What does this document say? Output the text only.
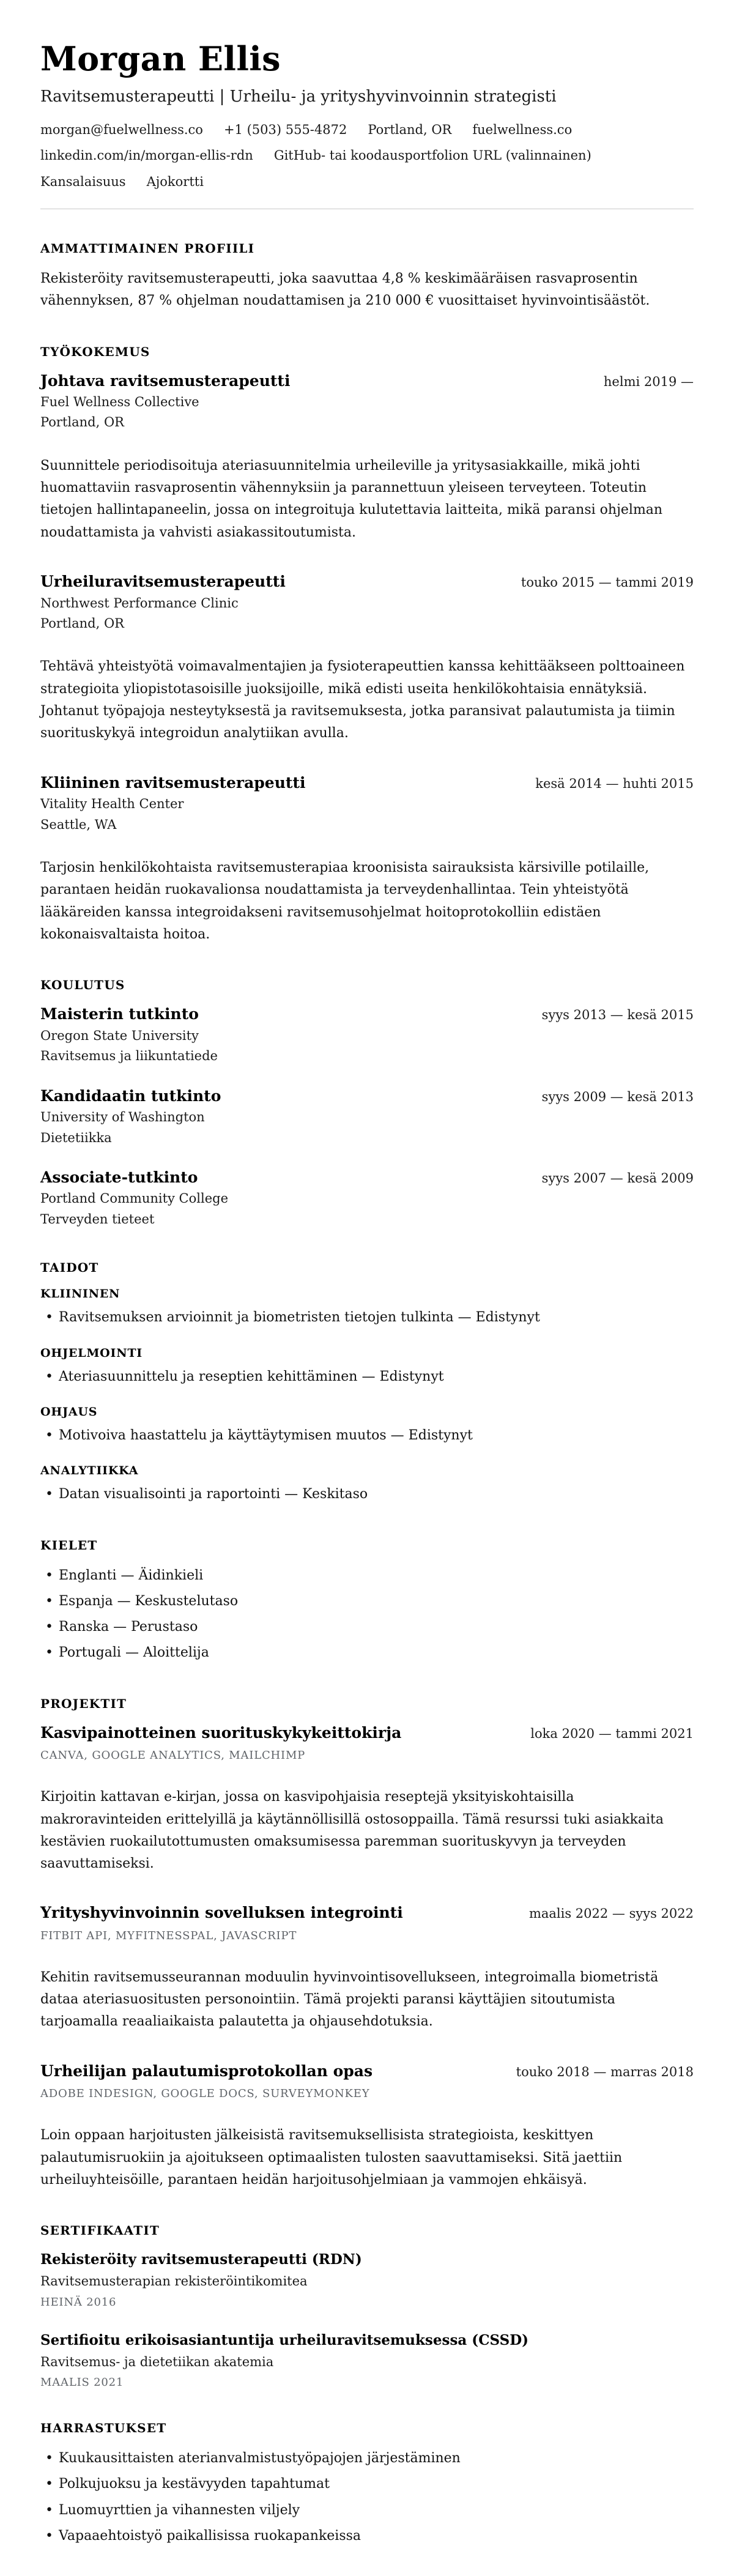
Morgan Ellis

Ravitsemusterapeutti | Urheilu- ja yrityshyvinvoinnin strategisti

morgan@fuelwellness.co +1 (503) 555-4872 Portland, OR fuelwellness.co
linkedin.com/in/morgan-ellis-rdn GitHub- tai koodausportfolion URL (valinnainen)
Kansalaisuus Ajokortti
AMMATTIMAINEN PROFIILI

Rekisteröity ravitsemusterapeutti, joka saavuttaa 4,8 % keskimääräisen rasvaprosentin vähennyksen, 87 % ohjelman noudattamisen ja 210 000 € vuosittaiset hyvinvointisäästöt.

TYÖKOKEMUS
Johtava ravitsemusterapeutti	helmi 2019 —
Fuel Wellness Collective
Portland, OR

Suunnittele periodisoituja ateriasuunnitelmia urheileville ja yritysasiakkaille, mikä johti huomattaviin rasvaprosentin vähennyksiin ja parannettuun yleiseen terveyteen. Toteutin tietojen hallintapaneelin, jossa on integroituja kulutettavia laitteita, mikä paransi ohjelman noudattamista ja vahvisti asiakassitoutumista.

Urheiluravitsemusterapeutti	touko 2015 — tammi 2019
Northwest Performance Clinic
Portland, OR

Tehtävä yhteistyötä voimavalmentajien ja fysioterapeuttien kanssa kehittääkseen polttoaineen strategioita yliopistotasoisille juoksijoille, mikä edisti useita henkilökohtaisia ennätyksiä. Johtanut työpajoja nesteytyksestä ja ravitsemuksesta, jotka paransivat palautumista ja tiimin suorituskykyä integroidun analytiikan avulla.

Kliininen ravitsemusterapeutti	kesä 2014 — huhti 2015
Vitality Health Center
Seattle, WA

Tarjosin henkilökohtaista ravitsemusterapiaa kroonisista sairauksista kärsiville potilaille, parantaen heidän ruokavalionsa noudattamista ja terveydenhallintaa. Tein yhteistyötä lääkäreiden kanssa integroidakseni ravitsemusohjelmat hoitoprotokolliin edistäen kokonaisvaltaista hoitoa.

KOULUTUS
Maisterin tutkinto	syys 2013 — kesä 2015
Oregon State University
Ravitsemus ja liikuntatiede
Kandidaatin tutkinto	syys 2009 — kesä 2013
University of Washington
Dietetiikka
Associate-tutkinto	syys 2007 — kesä 2009
Portland Community College
Terveyden tieteet
TAIDOT
KLIININEN
• Ravitsemuksen arvioinnit ja biometristen tietojen tulkinta — Edistynyt
OHJELMOINTI
• Ateriasuunnittelu ja reseptien kehittäminen — Edistynyt
OHJAUS
• Motivoiva haastattelu ja käyttäytymisen muutos — Edistynyt
ANALYTIIKKA
• Datan visualisointi ja raportointi — Keskitaso
KIELET
• Englanti — Äidinkieli
• Espanja — Keskustelutaso
• Ranska — Perustaso
• Portugali — Aloittelija
PROJEKTIT
Kasvipainotteinen suorituskykykeittokirja	loka 2020 — tammi 2021
CANVA, GOOGLE ANALYTICS, MAILCHIMP

Kirjoitin kattavan e-kirjan, jossa on kasvipohjaisia reseptejä yksityiskohtaisilla makroravinteiden erittelyillä ja käytännöllisillä ostosoppailla. Tämä resurssi tuki asiakkaita kestävien ruokailutottumusten omaksumisessa paremman suorituskyvyn ja terveyden saavuttamiseksi.

Yrityshyvinvoinnin sovelluksen integrointi	maalis 2022 — syys 2022
FITBIT API, MYFITNESSPAL, JAVASCRIPT

Kehitin ravitsemusseurannan moduulin hyvinvointisovellukseen, integroimalla biometristä dataa ateriasuositusten personointiin. Tämä projekti paransi käyttäjien sitoutumista tarjoamalla reaaliaikaista palautetta ja ohjausehdotuksia.

Urheilijan palautumisprotokollan opas	touko 2018 — marras 2018
ADOBE INDESIGN, GOOGLE DOCS, SURVEYMONKEY

Loin oppaan harjoitusten jälkeisistä ravitsemuksellisista strategioista, keskittyen palautumisruokiin ja ajoitukseen optimaalisten tulosten saavuttamiseksi. Sitä jaettiin urheiluyhteisöille, parantaen heidän harjoitusohjelmiaan ja vammojen ehkäisyä.

SERTIFIKAATIT
Rekisteröity ravitsemusterapeutti (RDN)
Ravitsemusterapian rekisteröintikomitea
HEINÄ 2016
Sertifioitu erikoisasiantuntija urheiluravitsemuksessa (CSSD)
Ravitsemus- ja dietetiikan akatemia
MAALIS 2021
HARRASTUKSET
• Kuukausittaisten aterianvalmistustyöpajojen järjestäminen
• Polkujuoksu ja kestävyyden tapahtumat
• Luomuyrttien ja vihannesten viljely
• Vapaaehtoistyö paikallisissa ruokapankeissa
